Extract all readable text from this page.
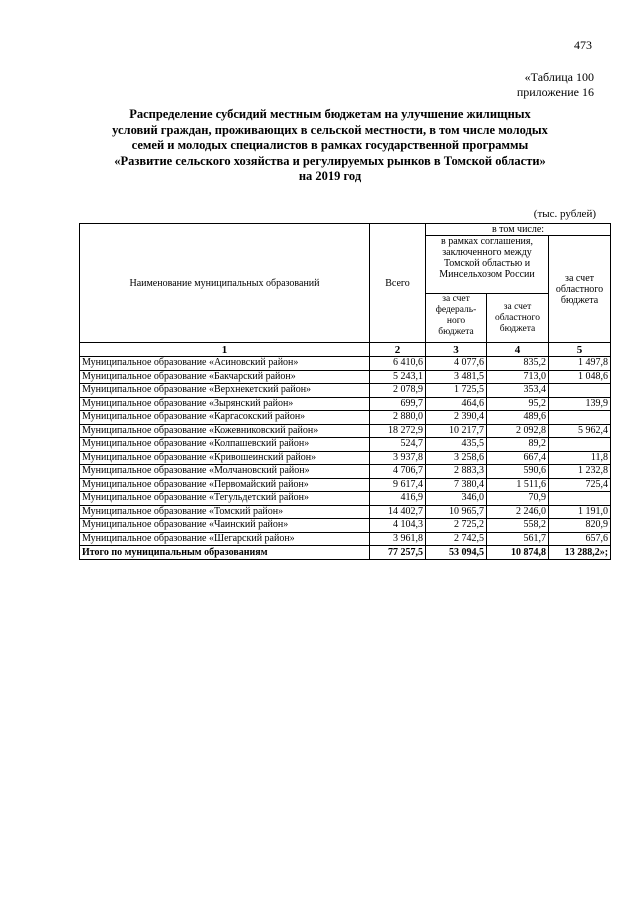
473
«Таблица 100
приложение 16
Распределение субсидий местным бюджетам на улучшение жилищных
условий граждан, проживающих в сельской местности, в том числе молодых
семей и молодых специалистов в рамках государственной программы
«Развитие сельского хозяйства и регулируемых рынков в Томской области»
на 2019 год
(тыс. рублей)
Наименование муниципальных образований	Всего	в том числе:		
		в рамках соглашения, заключенного между Томской областью и Минсельхозом России		за счет областного бюджета
		за счет федераль-ного бюджета	за счет областного бюджета	
1	2	3	4	5
Муниципальное образование «Асиновский район»	6 410,6	4 077,6	835,2	1 497,8
Муниципальное образование «Бакчарский район»	5 243,1	3 481,5	713,0	1 048,6
Муниципальное образование «Верхнекетский район»	2 078,9	1 725,5	353,4	
Муниципальное образование «Зырянский район»	699,7	464,6	95,2	139,9
Муниципальное образование «Каргасокский район»	2 880,0	2 390,4	489,6	
Муниципальное образование «Кожевниковский район»	18 272,9	10 217,7	2 092,8	5 962,4
Муниципальное образование «Колпашевский район»	524,7	435,5	89,2	
Муниципальное образование «Кривошеинский район»	3 937,8	3 258,6	667,4	11,8
Муниципальное образование «Молчановский район»	4 706,7	2 883,3	590,6	1 232,8
Муниципальное образование «Первомайский район»	9 617,4	7 380,4	1 511,6	725,4
Муниципальное образование «Тегульдетский район»	416,9	346,0	70,9	
Муниципальное образование «Томский район»	14 402,7	10 965,7	2 246,0	1 191,0
Муниципальное образование «Чаинский район»	4 104,3	2 725,2	558,2	820,9
Муниципальное образование «Шегарский район»	3 961,8	2 742,5	561,7	657,6
Итого по муниципальным образованиям	77 257,5	53 094,5	10 874,8	13 288,2»;
